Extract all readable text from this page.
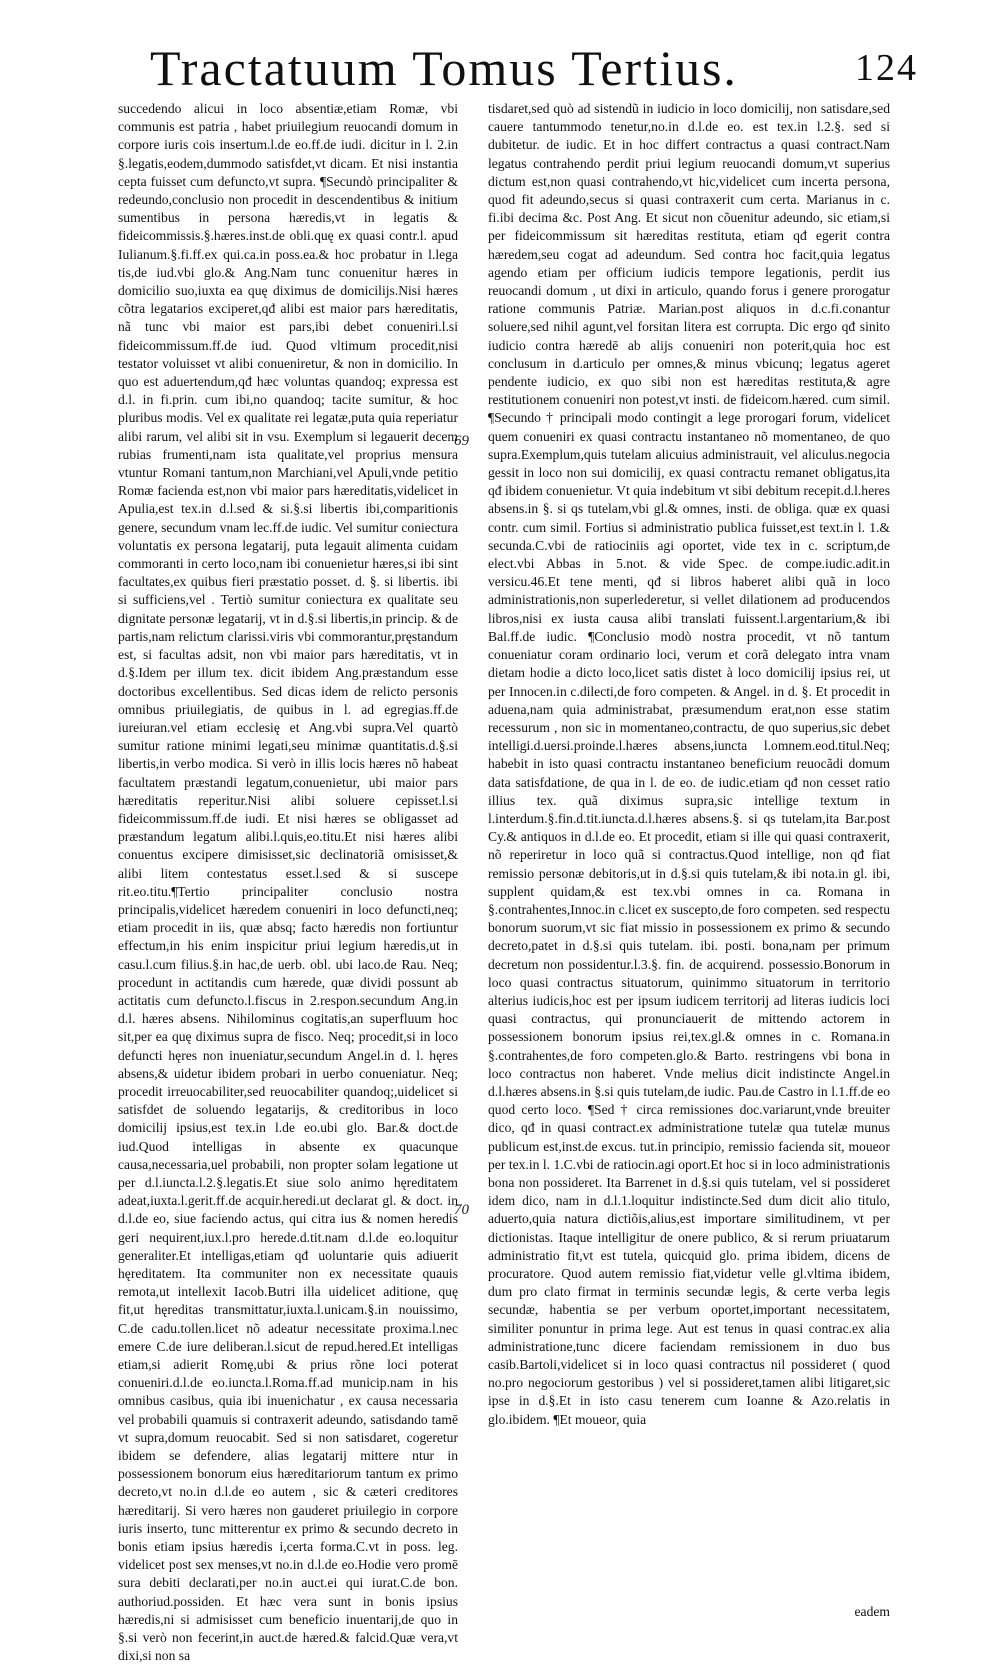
Tractatuum Tomus Tertius.	124

succedendo alicui in loco absentiæ,etiam Romæ, vbi communis est patria , habet priuilegium reuocandi domum in corpore iuris cois insertum.l.de eo.ff.de iudi. dicitur in l. 2.in §.legatis,eodem,dummodo satisfdet,vt dicam. Et nisi instantia cepta fuisset cum defuncto,vt supra. ¶Secundò principaliter & redeundo,conclusio non procedit in descendentibus & initium sumentibus in persona hæredis,vt in legatis & fideicommissis.§.hæres.inst.de obli.quę ex quasi contr.l. apud Iulianum.§.fi.ff.ex qui.ca.in poss.ea.& hoc probatur in l.lega tis,de iud.vbi glo.& Ang.Nam tunc conuenitur hæres in domicilio suo,iuxta ea quę diximus de domicilijs.Nisi hæres cõtra legatarios exciperet,qđ alibi est maior pars hæreditatis, nã tunc vbi maior est pars,ibi debet conueniri.l.si fideicommissum.ff.de iud. Quod vltimum procedit,nisi testator voluisset vt alibi conueniretur, & non in domicilio. In quo est aduertendum,qđ hæc voluntas quandoq; expressa est d.l. in fi.prin. cum ibi,no quandoq; tacite sumitur, & hoc pluribus modis. Vel ex qualitate rei legatæ,puta quia reperiatur alibi rarum, vel alibi sit in vsu. Exemplum si legauerit decem rubias frumenti,nam ista qualitate,vel proprius mensura vtuntur Romani tantum,non Marchiani,vel Apuli,vnde petitio Romæ facienda est,non vbi maior pars hæreditatis,videlicet in Apulia,est tex.in d.l.sed & si.§.si libertis ibi,comparitionis genere, secundum vnam lec.ff.de iudic. Vel sumitur coniectura voluntatis ex persona legatarij, puta legauit alimenta cuidam commoranti in certo loco,nam ibi conuenietur hæres,si ibi sint facultates,ex quibus fieri præstatio posset. d. §. si libertis. ibi si sufficiens,vel . Tertiò sumitur coniectura ex qualitate seu dignitate personæ legatarij, vt in d.§.si libertis,in princip. & de partis,nam relictum clarissi.viris vbi commorantur,pręstandum est, si facultas adsit, non vbi maior pars hæreditatis, vt in d.§.Idem per illum tex. dicit ibidem Ang.præstandum esse doctoribus excellentibus. Sed dicas idem de relicto personis omnibus priuilegiatis, de quibus in l. ad egregias.ff.de iureiuran.vel etiam ecclesię et Ang.vbi supra.Vel quartò sumitur ratione minimi legati,seu minimæ quantitatis.d.§.si libertis,in verbo modica. Si verò in illis locis hæres nõ habeat facultatem præstandi legatum,conuenietur, ubi maior pars hæreditatis reperitur.Nisi alibi soluere cepisset.l.si fideicommissum.ff.de iudi. Et nisi hæres se obligasset ad præstandum legatum alibi.l.quis,eo.titu.Et nisi hæres alibi conuentus excipere dimisisset,sic declinatoriã omisisset,& alibi litem contestatus esset.l.sed & si suscepe rit.eo.titu.¶Tertio principaliter conclusio nostra principalis,videlicet hæredem conueniri in loco defuncti,neq; etiam procedit in iis, quæ absq; facto hæredis non fortiuntur effectum,in his enim inspicitur priui legium hæredis,ut in casu.l.cum filius.§.in hac,de uerb. obl. ubi laco.de Rau. Neq; procedunt in actitandis cum hærede, quæ dividi possunt ab actitatis cum defuncto.l.fiscus in 2.respon.secundum Ang.in d.l. hæres absens. Nihilominus cogitatis,an superfluum hoc sit,per ea quę diximus supra de fisco. Neq; procedit,si in loco defuncti hęres non inueniatur,secundum Angel.in d. l. hęres absens,& uidetur ibidem probari in uerbo conueniatur. Neq; procedit irreuocabiliter,sed reuocabiliter quandoq;,uidelicet si satisfdet de soluendo legatarijs, & creditoribus in loco domicilij ipsius,est tex.in l.de eo.ubi glo. Bar.& doct.de iud.Quod intelligas in absente ex quacunque causa,necessaria,uel probabili, non propter solam legatione ut per d.l.iuncta.l.2.§.legatis.Et siue solo animo hęreditatem adeat,iuxta.l.gerit.ff.de acquir.heredi.ut declarat gl. & doct. in d.l.de eo, siue faciendo actus, qui citra ius & nomen heredis geri nequirent,iux.l.pro herede.d.tit.nam d.l.de eo.loquitur generaliter.Et intelligas,etiam qđ uoluntarie quis adiuerit hęreditatem. Ita communiter non ex necessitate quauis remota,ut intellexit Iacob.Butri illa uidelicet aditione, quę fit,ut hęreditas transmittatur,iuxta.l.unicam.§.in nouissimo, C.de cadu.tollen.licet nõ adeatur necessitate proxima.l.nec emere C.de iure deliberan.l.sicut de repud.hered.Et intelligas etiam,si adierit Romę,ubi & prius rõne loci poterat conueniri.d.l.de eo.iuncta.l.Roma.ff.ad municip.nam in his omnibus casibus, quia ibi inuenichatur , ex causa necessaria vel probabili quamuis si contraxerit adeundo, satisdando tamē vt supra,domum reuocabit. Sed si non satisdaret, cogeretur ibidem se defendere, alias legatarij mittere ntur in possessionem bonorum eius hæreditariorum tantum ex primo decreto,vt no.in d.l.de eo autem , sic & cæteri creditores hæreditarij. Si vero hæres non gauderet priuilegio in corpore iuris inserto, tunc mitterentur ex primo & secundo decreto in bonis etiam ipsius hæredis i,certa forma.C.vt in poss. leg. videlicet post sex menses,vt no.in d.l.de eo.Hodie vero promē sura debiti declarati,per no.in auct.ei qui iurat.C.de bon. authoriud.possiden. Et hæc vera sunt in bonis ipsius hæredis,ni si admisisset cum beneficio inuentarij,de quo in §.si verò non fecerint,in auct.de hæred.& falcid.Quæ vera,vt dixi,si non sa

69
70

tisdaret,sed quò ad sistendũ in iudicio in loco domicilij, non satisdare,sed cauere tantummodo tenetur,no.in d.l.de eo. est tex.in l.2.§. sed si dubitetur. de iudic. Et in hoc differt contractus a quasi contract.Nam legatus contrahendo perdit priui legium reuocandi domum,vt superius dictum est,non quasi contrahendo,vt hic,videlicet cum incerta persona, quod fit adeundo,secus si quasi contraxerit cum certa. Marianus in c. fi.ibi decima &c. Post Ang. Et sicut non cõuenitur adeundo, sic etiam,si per fideicommissum sit hæreditas restituta, etiam qđ egerit contra hæredem,seu cogat ad adeundum. Sed contra hoc facit,quia legatus agendo etiam per officium iudicis tempore legationis, perdit ius reuocandi domum , ut dixi in articulo, quando forus i genere prorogatur ratione communis Patriæ. Marian.post aliquos in d.c.fi.conantur soluere,sed nihil agunt,vel forsitan litera est corrupta. Dic ergo qđ sinito iudicio contra hæredē ab alijs conueniri non poterit,quia hoc est conclusum in d.articulo per omnes,& minus vbicunq; legatus ageret pendente iudicio, ex quo sibi non est hæreditas restituta,& agre restitutionem conueniri non potest,vt insti. de fideicom.hæred. cum simil. ¶Secundo † principali modo contingit a lege prorogari forum, videlicet quem conueniri ex quasi contractu instantaneo nõ momentaneo, de quo supra.Exemplum,quis tutelam alicuius administrauit, vel aliculus.negocia gessit in loco non sui domicilij, ex quasi contractu remanet obligatus,ita qđ ibidem conuenietur. Vt quia indebitum vt sibi debitum recepit.d.l.heres absens.in §. si qs tutelam,vbi gl.& omnes, insti. de obliga. quæ ex quasi contr. cum simil. Fortius si administratio publica fuisset,est text.in l. 1.& secunda.C.vbi de ratiociniis agi oportet, vide tex in c. scriptum,de elect.vbi Abbas in 5.not. & vide Spec. de compe.iudic.adit.in versicu.46.Et tene menti, qđ si libros haberet alibi quã in loco administrationis,non superlederetur, si vellet dilationem ad producendos libros,nisi ex iusta causa alibi translati fuissent.l.argentarium,& ibi Bal.ff.de iudic. ¶Conclusio modò nostra procedit, vt nõ tantum conueniatur coram ordinario loci, verum et corã delegato intra vnam dietam hodie a dicto loco,licet satis distet à loco domicilij ipsius rei, ut per Innocen.in c.dilecti,de foro competen. & Angel. in d. §. Et procedit in aduena,nam quia administrabat, præsumendum erat,non esse statim recessurum , non sic in momentaneo,contractu, de quo superius,sic debet intelligi.d.uersi.proinde.l.hæres absens,iuncta l.omnem.eod.titul.Neq; habebit in isto quasi contractu instantaneo beneficium reuocãdi domum data satisfdatione, de qua in l. de eo. de iudic.etiam qđ non cesset ratio illius tex. quã diximus supra,sic intellige textum in l.interdum.§.fin.d.tit.iuncta.d.l.hæres absens.§. si qs tutelam,ita Bar.post Cy.& antiquos in d.l.de eo. Et procedit, etiam si ille qui quasi contraxerit, nõ reperiretur in loco quã si contractus.Quod intellige, non qđ fiat remissio personæ debitoris,ut in d.§.si quis tutelam,& ibi nota.in gl. ibi, supplent quidam,& est tex.vbi omnes in ca. Romana in §.contrahentes,Innoc.in c.licet ex suscepto,de foro competen. sed respectu bonorum suorum,vt sic fiat missio in possessionem ex primo & secundo decreto,patet in d.§.si quis tutelam. ibi. posti. bona,nam per primum decretum non possidentur.l.3.§. fin. de acquirend. possessio.Bonorum in loco quasi contractus situatorum, quinimmo situatorum in territorio alterius iudicis,hoc est per ipsum iudicem territorij ad literas iudicis loci quasi contractus, qui pronunciauerit de mittendo actorem in possessionem bonorum ipsius rei,tex.gl.& omnes in c. Romana.in §.contrahentes,de foro competen.glo.& Barto. restringens vbi bona in loco contractus non haberet. Vnde melius dicit indistincte Angel.in d.l.hæres absens.in §.si quis tutelam,de iudic. Pau.de Castro in l.1.ff.de eo quod certo loco. ¶Sed † circa remissiones doc.variarunt,vnde breuiter dico, qđ in quasi contract.ex administratione tutelæ qua tutelæ munus publicum est,inst.de excus. tut.in principio, remissio facienda sit, moueor per tex.in l. 1.C.vbi de ratiocin.agi oport.Et hoc si in loco administrationis bona non possideret. Ita Barrenet in d.§.si quis tutelam, vel si possideret idem dico, nam in d.l.1.loquitur indistincte.Sed dum dicit alio titulo, aduerto,quia natura dictiõis,alius,est importare similitudinem, vt per dictionistas. Itaque intelligitur de onere publico, & si rerum priuatarum administratio fit,vt est tutela, quicquid glo. prima ibidem, dicens de procuratore. Quod autem remissio fiat,videtur velle gl.vltima ibidem, dum pro clato firmat in terminis secundæ legis, & certe verba legis secundæ, habentia se per verbum oportet,important necessitatem, similiter ponuntur in prima lege. Aut est tenus in quasi contrac.ex alia administratione,tunc dicere faciendam remissionem in duo bus casib.Bartoli,videlicet si in loco quasi contractus nil possideret ( quod no.pro negociorum gestoribus ) vel si possideret,tamen alibi litigaret,sic ipse in d.§.Et in isto casu tenerem cum Ioanne & Azo.relatis in glo.ibidem. ¶Et moueor, quia

eadem
